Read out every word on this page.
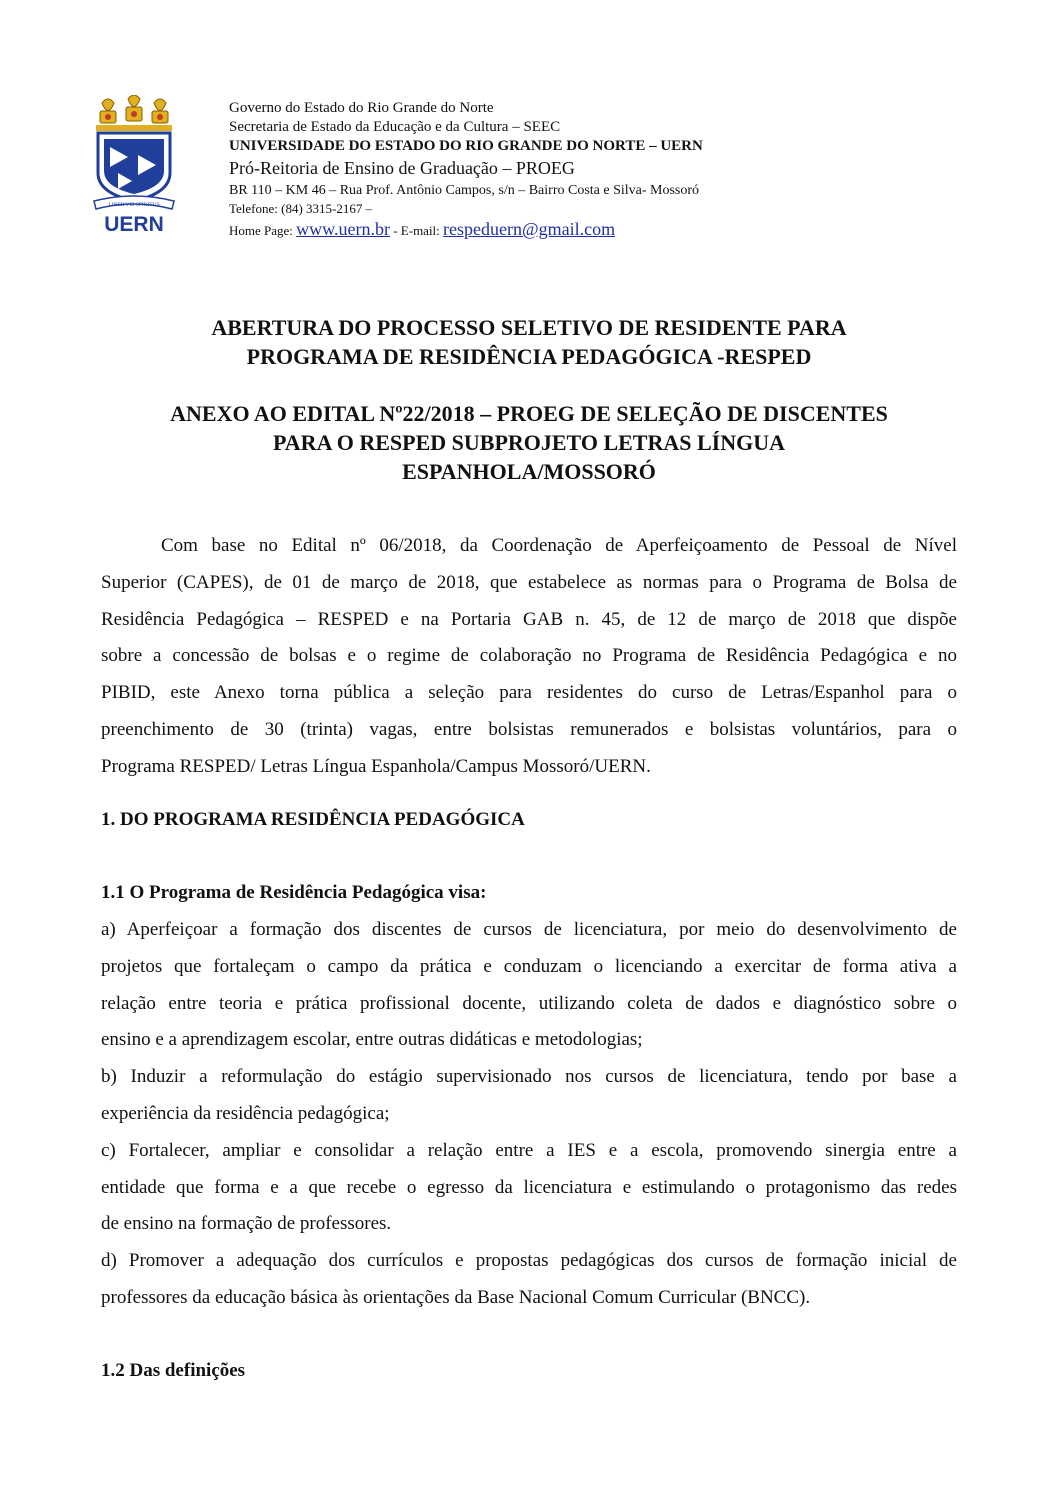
LIBER VIS SPIRITUS
UERN
Governo do Estado do Rio Grande do Norte
Secretaria de Estado da Educação e da Cultura – SEEC
UNIVERSIDADE DO ESTADO DO RIO GRANDE DO NORTE – UERN
Pró-Reitoria de Ensino de Graduação – PROEG
BR 110 – KM 46 – Rua Prof. Antônio Campos, s/n – Bairro Costa e Silva- Mossoró
Telefone: (84) 3315-2167 –
Home Page: www.uern.br - E-mail: respeduern@gmail.com
ABERTURA DO PROCESSO SELETIVO DE RESIDENTE PARA
PROGRAMA DE RESIDÊNCIA PEDAGÓGICA -RESPED
ANEXO AO EDITAL Nº22/2018 – PROEG DE SELEÇÃO DE DISCENTES
PARA O RESPED SUBPROJETO LETRAS LÍNGUA
ESPANHOLA/MOSSORÓ
Com base no Edital nº 06/2018, da Coordenação de Aperfeiçoamento de Pessoal de Nível
Superior (CAPES), de 01 de março de 2018, que estabelece as normas para o Programa de Bolsa de
Residência Pedagógica – RESPED e na Portaria GAB n. 45, de 12 de março de 2018 que dispõe
sobre a concessão de bolsas e o regime de colaboração no Programa de Residência Pedagógica e no
PIBID, este Anexo torna pública a seleção para residentes do curso de Letras/Espanhol para o
preenchimento de 30 (trinta) vagas, entre bolsistas remunerados e bolsistas voluntários, para o
Programa RESPED/ Letras Língua Espanhola/Campus Mossoró/UERN.
1. DO PROGRAMA RESIDÊNCIA PEDAGÓGICA
1.1 O Programa de Residência Pedagógica visa:
a) Aperfeiçoar a formação dos discentes de cursos de licenciatura, por meio do desenvolvimento de
projetos que fortaleçam o campo da prática e conduzam o licenciando a exercitar de forma ativa a
relação entre teoria e prática profissional docente, utilizando coleta de dados e diagnóstico sobre o
ensino e a aprendizagem escolar, entre outras didáticas e metodologias;
b) Induzir a reformulação do estágio supervisionado nos cursos de licenciatura, tendo por base a
experiência da residência pedagógica;
c) Fortalecer, ampliar e consolidar a relação entre a IES e a escola, promovendo sinergia entre a
entidade que forma e a que recebe o egresso da licenciatura e estimulando o protagonismo das redes
de ensino na formação de professores.
d) Promover a adequação dos currículos e propostas pedagógicas dos cursos de formação inicial de
professores da educação básica às orientações da Base Nacional Comum Curricular (BNCC).
1.2 Das definições
